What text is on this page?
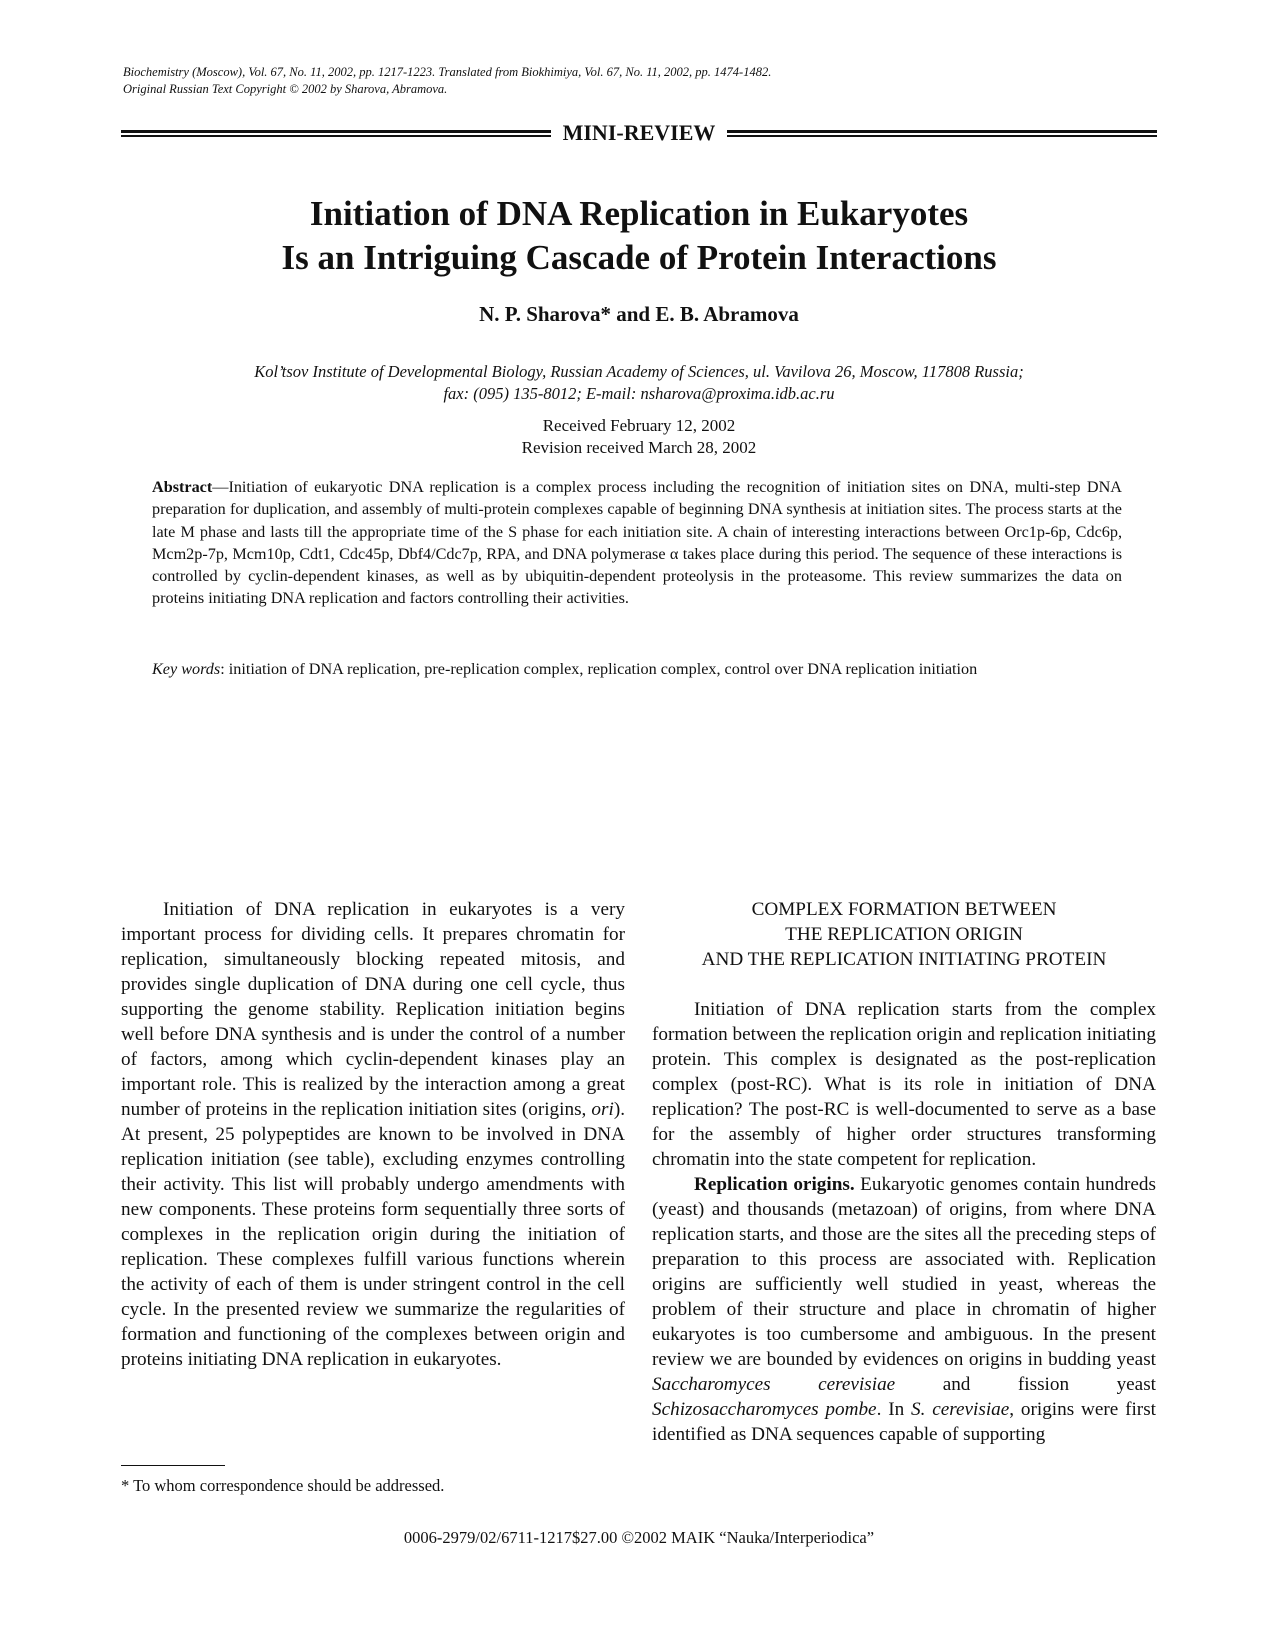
Biochemistry (Moscow), Vol. 67, No. 11, 2002, pp. 1217-1223. Translated from Biokhimiya, Vol. 67, No. 11, 2002, pp. 1474-1482.
Original Russian Text Copyright © 2002 by Sharova, Abramova.
MINI-REVIEW
Initiation of DNA Replication in Eukaryotes
Is an Intriguing Cascade of Protein Interactions
N. P. Sharova* and E. B. Abramova
Kol’tsov Institute of Developmental Biology, Russian Academy of Sciences, ul. Vavilova 26, Moscow, 117808 Russia;
fax: (095) 135-8012; E-mail: nsharova@proxima.idb.ac.ru
Received February 12, 2002
Revision received March 28, 2002
Abstract—Initiation of eukaryotic DNA replication is a complex process including the recognition of initiation sites on DNA, multi-step DNA preparation for duplication, and assembly of multi-protein complexes capable of beginning DNA synthesis at initiation sites. The process starts at the late M phase and lasts till the appropriate time of the S phase for each initiation site. A chain of interesting interactions between Orc1p-6p, Cdc6p, Mcm2p-7p, Mcm10p, Cdt1, Cdc45p, Dbf4/Cdc7p, RPA, and DNA polymerase α takes place during this period. The sequence of these interactions is controlled by cyclin-dependent kinases, as well as by ubiquitin-dependent proteolysis in the proteasome. This review summarizes the data on proteins initiating DNA replication and factors controlling their activities.
Key words: initiation of DNA replication, pre-replication complex, replication complex, control over DNA replication initiation

Initiation of DNA replication in eukaryotes is a very important process for dividing cells. It prepares chromatin for replication, simultaneously blocking repeated mitosis, and provides single duplication of DNA during one cell cycle, thus supporting the genome stability. Replication initiation begins well before DNA synthesis and is under the control of a number of factors, among which cyclin-dependent kinases play an important role. This is realized by the interaction among a great number of proteins in the replication initiation sites (origins, ori). At present, 25 polypeptides are known to be involved in DNA replication initiation (see table), excluding enzymes controlling their activity. This list will probably undergo amendments with new components. These proteins form sequentially three sorts of complexes in the replication origin during the initiation of replication. These complexes fulfill various functions wherein the activity of each of them is under stringent control in the cell cycle. In the presented review we summarize the regularities of formation and functioning of the complexes between origin and proteins initiating DNA replication in eukaryotes.

COMPLEX FORMATION BETWEEN
THE REPLICATION ORIGIN
AND THE REPLICATION INITIATING PROTEIN

Initiation of DNA replication starts from the complex formation between the replication origin and replication initiating protein. This complex is designated as the post-replication complex (post-RC). What is its role in initiation of DNA replication? The post-RC is well-documented to serve as a base for the assembly of higher order structures transforming chromatin into the state competent for replication.

Replication origins. Eukaryotic genomes contain hundreds (yeast) and thousands (metazoan) of origins, from where DNA replication starts, and those are the sites all the preceding steps of preparation to this process are associated with. Replication origins are sufficiently well studied in yeast, whereas the problem of their structure and place in chromatin of higher eukaryotes is too cumbersome and ambiguous. In the present review we are bounded by evidences on origins in budding yeast Saccharomyces cerevisiae and fission yeast Schizosaccharomyces pombe. In S. cerevisiae, origins were first identified as DNA sequences capable of supporting

* To whom correspondence should be addressed.
0006-2979/02/6711-1217$27.00 ©2002 MAIK “Nauka/Interperiodica”
